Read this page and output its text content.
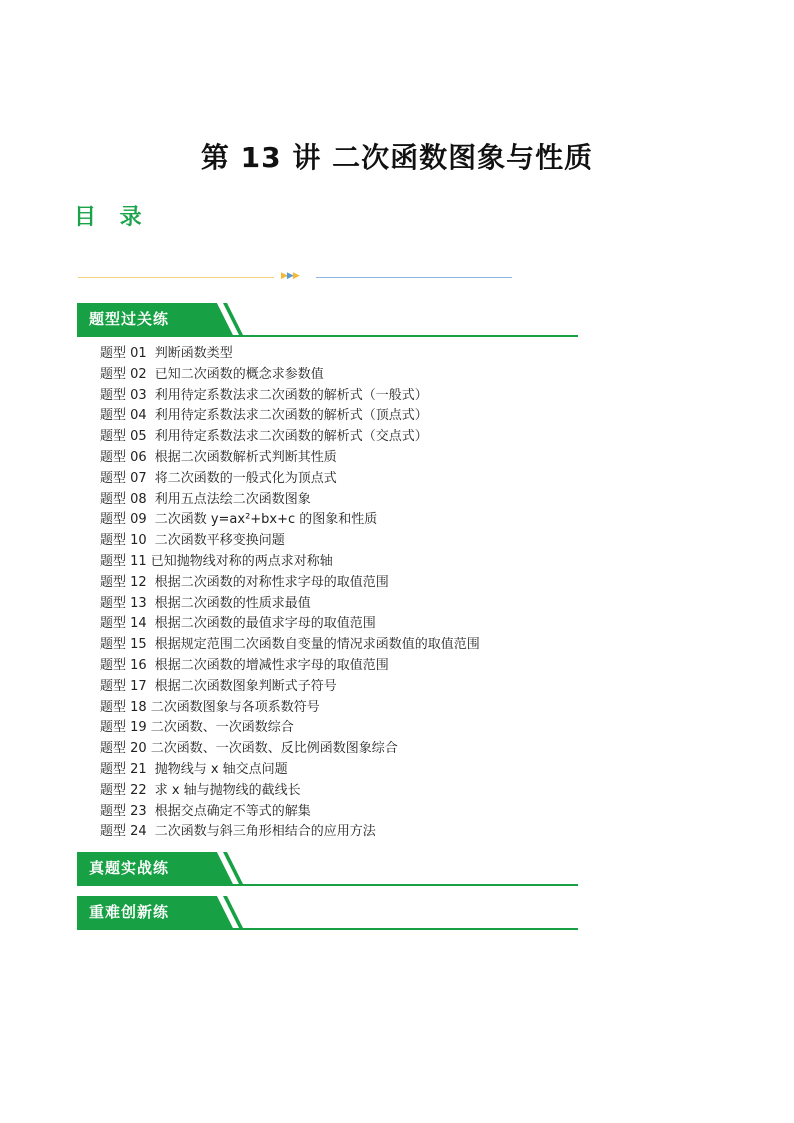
第 13 讲 二次函数图象与性质
目 录
▶▶▶
题型过关练
题型 01 判断函数类型
题型 02 已知二次函数的概念求参数值
题型 03 利用待定系数法求二次函数的解析式（一般式）
题型 04 利用待定系数法求二次函数的解析式（顶点式）
题型 05 利用待定系数法求二次函数的解析式（交点式）
题型 06 根据二次函数解析式判断其性质
题型 07 将二次函数的一般式化为顶点式
题型 08 利用五点法绘二次函数图象
题型 09 二次函数 y=ax²+bx+c 的图象和性质
题型 10 二次函数平移变换问题
题型 11 已知抛物线对称的两点求对称轴
题型 12 根据二次函数的对称性求字母的取值范围
题型 13 根据二次函数的性质求最值
题型 14 根据二次函数的最值求字母的取值范围
题型 15 根据规定范围二次函数自变量的情况求函数值的取值范围
题型 16 根据二次函数的增减性求字母的取值范围
题型 17 根据二次函数图象判断式子符号
题型 18 二次函数图象与各项系数符号
题型 19 二次函数、一次函数综合
题型 20 二次函数、一次函数、反比例函数图象综合
题型 21 抛物线与 x 轴交点问题
题型 22 求 x 轴与抛物线的截线长
题型 23 根据交点确定不等式的解集
题型 24 二次函数与斜三角形相结合的应用方法
真题实战练
重难创新练
